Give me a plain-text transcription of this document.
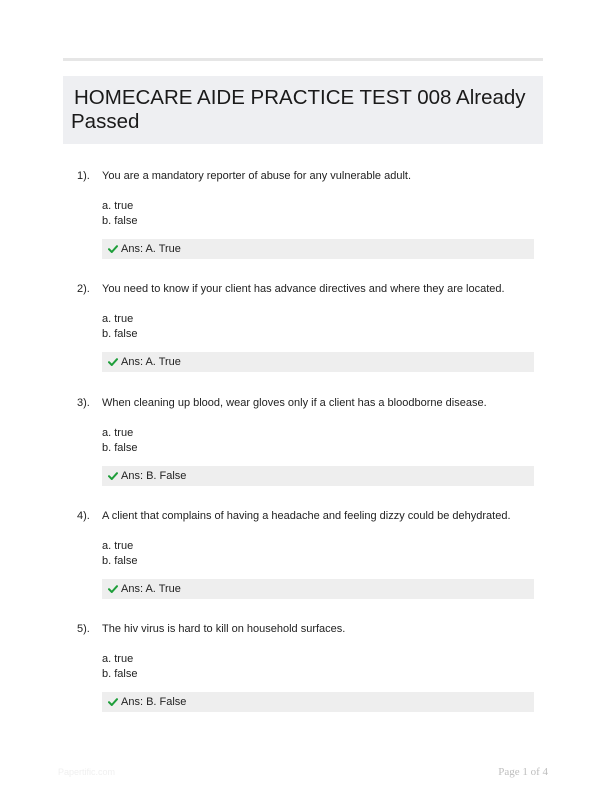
HOMECARE AIDE PRACTICE TEST 008 Already
Passed
1). You are a mandatory reporter of abuse for any vulnerable adult.
a. true
b. false
Ans: A. True
2). You need to know if your client has advance directives and where they are located.
a. true
b. false
Ans: A. True
3). When cleaning up blood, wear gloves only if a client has a bloodborne disease.
a. true
b. false
Ans: B. False
4). A client that complains of having a headache and feeling dizzy could be dehydrated.
a. true
b. false
Ans: A. True
5). The hiv virus is hard to kill on household surfaces.
a. true
b. false
Ans: B. False
Papertific.com	Page 1 of 4
